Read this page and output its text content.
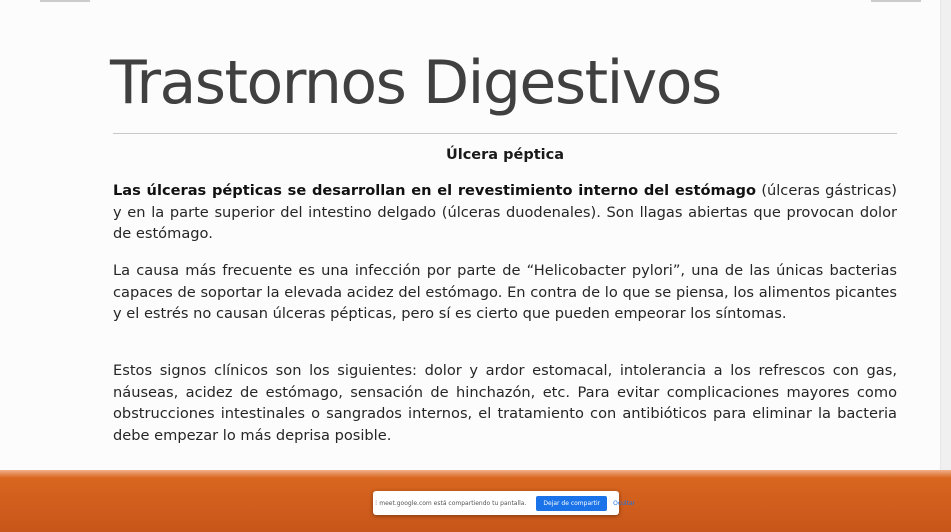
Trastornos Digestivos
Úlcera péptica
Las úlceras pépticas se desarrollan en el revestimiento interno del estómago (úlceras gástricas) y en la parte superior del intestino delgado (úlceras duodenales). Son llagas abiertas que provocan dolor de estómago.
La causa más frecuente es una infección por parte de “Helicobacter pylori”, una de las únicas bacterias capaces de soportar la elevada acidez del estómago. En contra de lo que se piensa, los alimentos picantes y el estrés no causan úlceras pépticas, pero sí es cierto que pueden empeorar los síntomas.
Estos signos clínicos son los siguientes: dolor y ardor estomacal, intolerancia a los refrescos con gas, náuseas, acidez de estómago, sensación de hinchazón, etc. Para evitar complicaciones mayores como obstrucciones intestinales o sangrados internos, el tratamiento con antibióticos para eliminar la bacteria debe empezar lo más deprisa posible.
⁞ meet.google.com está compartiendo tu pantalla.	Dejar de compartir	Ocultar
